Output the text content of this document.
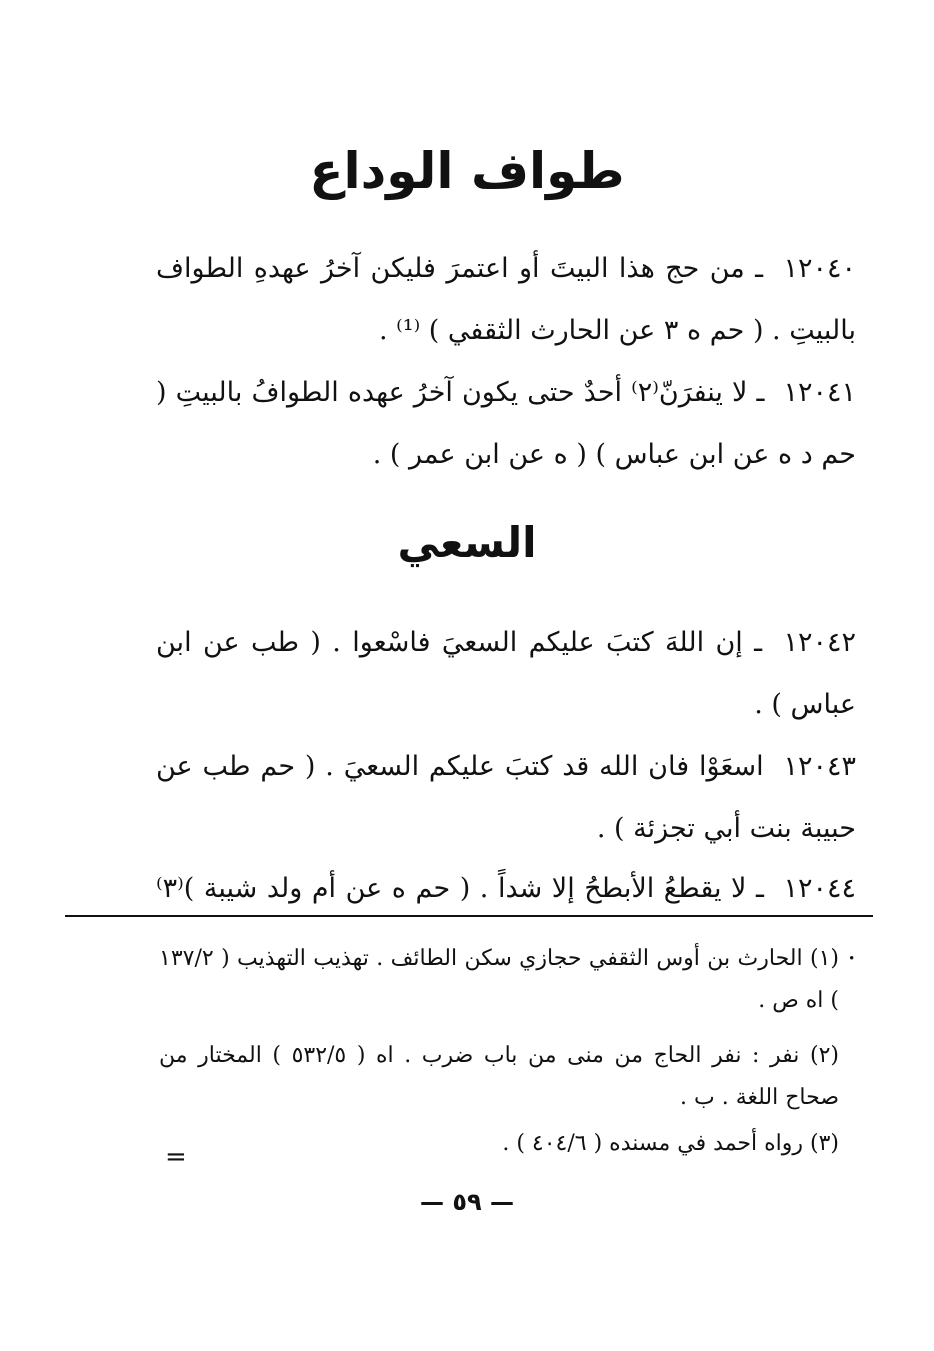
طواف الوداع
١٢٠٤٠ ـ من حج هذا البيتَ أو اعتمرَ فليكن آخرُ عهدهِ الطواف بالبيتِ . ( حم ه ٣ عن الحارث الثقفي ) ⁽¹⁾ .
١٢٠٤١ ـ لا ينفرَنّ⁽٢⁾ أحدٌ حتى يكون آخرُ عهده الطوافُ بالبيتِ ( حم د ه عن ابن عباس ) ( ه عن ابن عمر ) .
السعي
١٢٠٤٢ ـ إن اللهَ كتبَ عليكم السعيَ فاسْعوا . ( طب عن ابن عباس ) .
١٢٠٤٣ اسعَوْا فان الله قد كتبَ عليكم السعيَ . ( حم طب عن حبيبة بنت أبي تجزئة ) .
١٢٠٤٤ ـ لا يقطعُ الأبطحُ إلا شداً . ( حم ه عن أم ولد شيبة )⁽٣⁾ .
(١) الحارث بن أوس الثقفي حجازي سكن الطائف . تهذيب التهذيب ( ١٣٧/٢ ) اه ص .
(٢) نفر : نفر الحاج من منى من باب ضرب . اه ( ٥٣٢/٥ ) المختار من صحاح اللغة . ب .
(٣) رواه أحمد في مسنده ( ٤٠٤/٦ ) .
=
— ٥٩ —
